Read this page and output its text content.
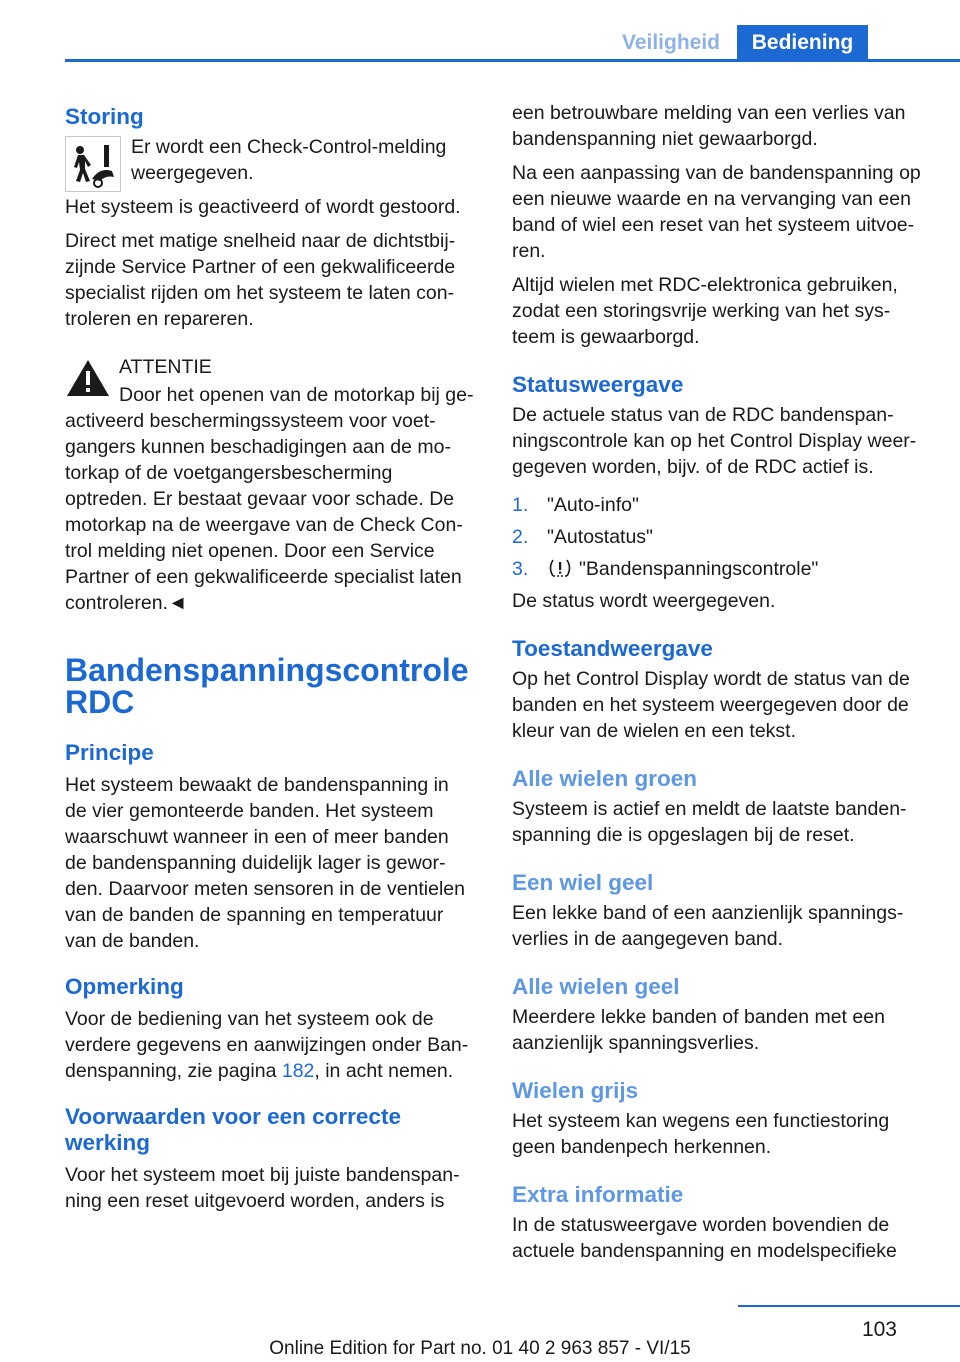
Veiligheid	Bediening
Storing

Er wordt een Check-Control-melding weergegeven.

Het systeem is geactiveerd of wordt gestoord.

Direct met matige snelheid naar de dichtstbij-zijnde Service Partner of een gekwalificeerde specialist rijden om het systeem te laten con-troleren en repareren.

ATTENTIE

Door het openen van de motorkap bij ge-activeerd beschermingssysteem voor voet-gangers kunnen beschadigingen aan de mo-torkap of de voetgangersbescherming optreden. Er bestaat gevaar voor schade. De motorkap na de weergave van de Check Con-trol melding niet openen. Door een Service Partner of een gekwalificeerde specialist laten controleren.◄

Bandenspanningscontrole
RDC
Principe

Het systeem bewaakt de bandenspanning in de vier gemonteerde banden. Het systeem waarschuwt wanneer in een of meer banden de bandenspanning duidelijk lager is gewor-den. Daarvoor meten sensoren in de ventielen van de banden de spanning en temperatuur van de banden.

Opmerking

Voor de bediening van het systeem ook de verdere gegevens en aanwijzingen onder Ban-denspanning, zie pagina 182, in acht nemen.

Voorwaarden voor een correcte werking

Voor het systeem moet bij juiste bandenspan-ning een reset uitgevoerd worden, anders is

een betrouwbare melding van een verlies van bandenspanning niet gewaarborgd.

Na een aanpassing van de bandenspanning op een nieuwe waarde en na vervanging van een band of wiel een reset van het systeem uitvoe-ren.

Altijd wielen met RDC-elektronica gebruiken, zodat een storingsvrije werking van het sys-teem is gewaarborgd.

Statusweergave

De actuele status van de RDC bandenspan-ningscontrole kan op het Control Display weer-gegeven worden, bijv. of de RDC actief is.

1. "Auto-info"
2. "Autostatus"
3.	"Bandenspanningscontrole"

De status wordt weergegeven.

Toestandweergave

Op het Control Display wordt de status van de banden en het systeem weergegeven door de kleur van de wielen en een tekst.

Alle wielen groen

Systeem is actief en meldt de laatste banden-spanning die is opgeslagen bij de reset.

Een wiel geel

Een lekke band of een aanzienlijk spannings-verlies in de aangegeven band.

Alle wielen geel

Meerdere lekke banden of banden met een aanzienlijk spanningsverlies.

Wielen grijs

Het systeem kan wegens een functiestoring geen bandenpech herkennen.

Extra informatie

In de statusweergave worden bovendien de actuele bandenspanning en modelspecifieke

103
Online Edition for Part no. 01 40 2 963 857 - VI/15
